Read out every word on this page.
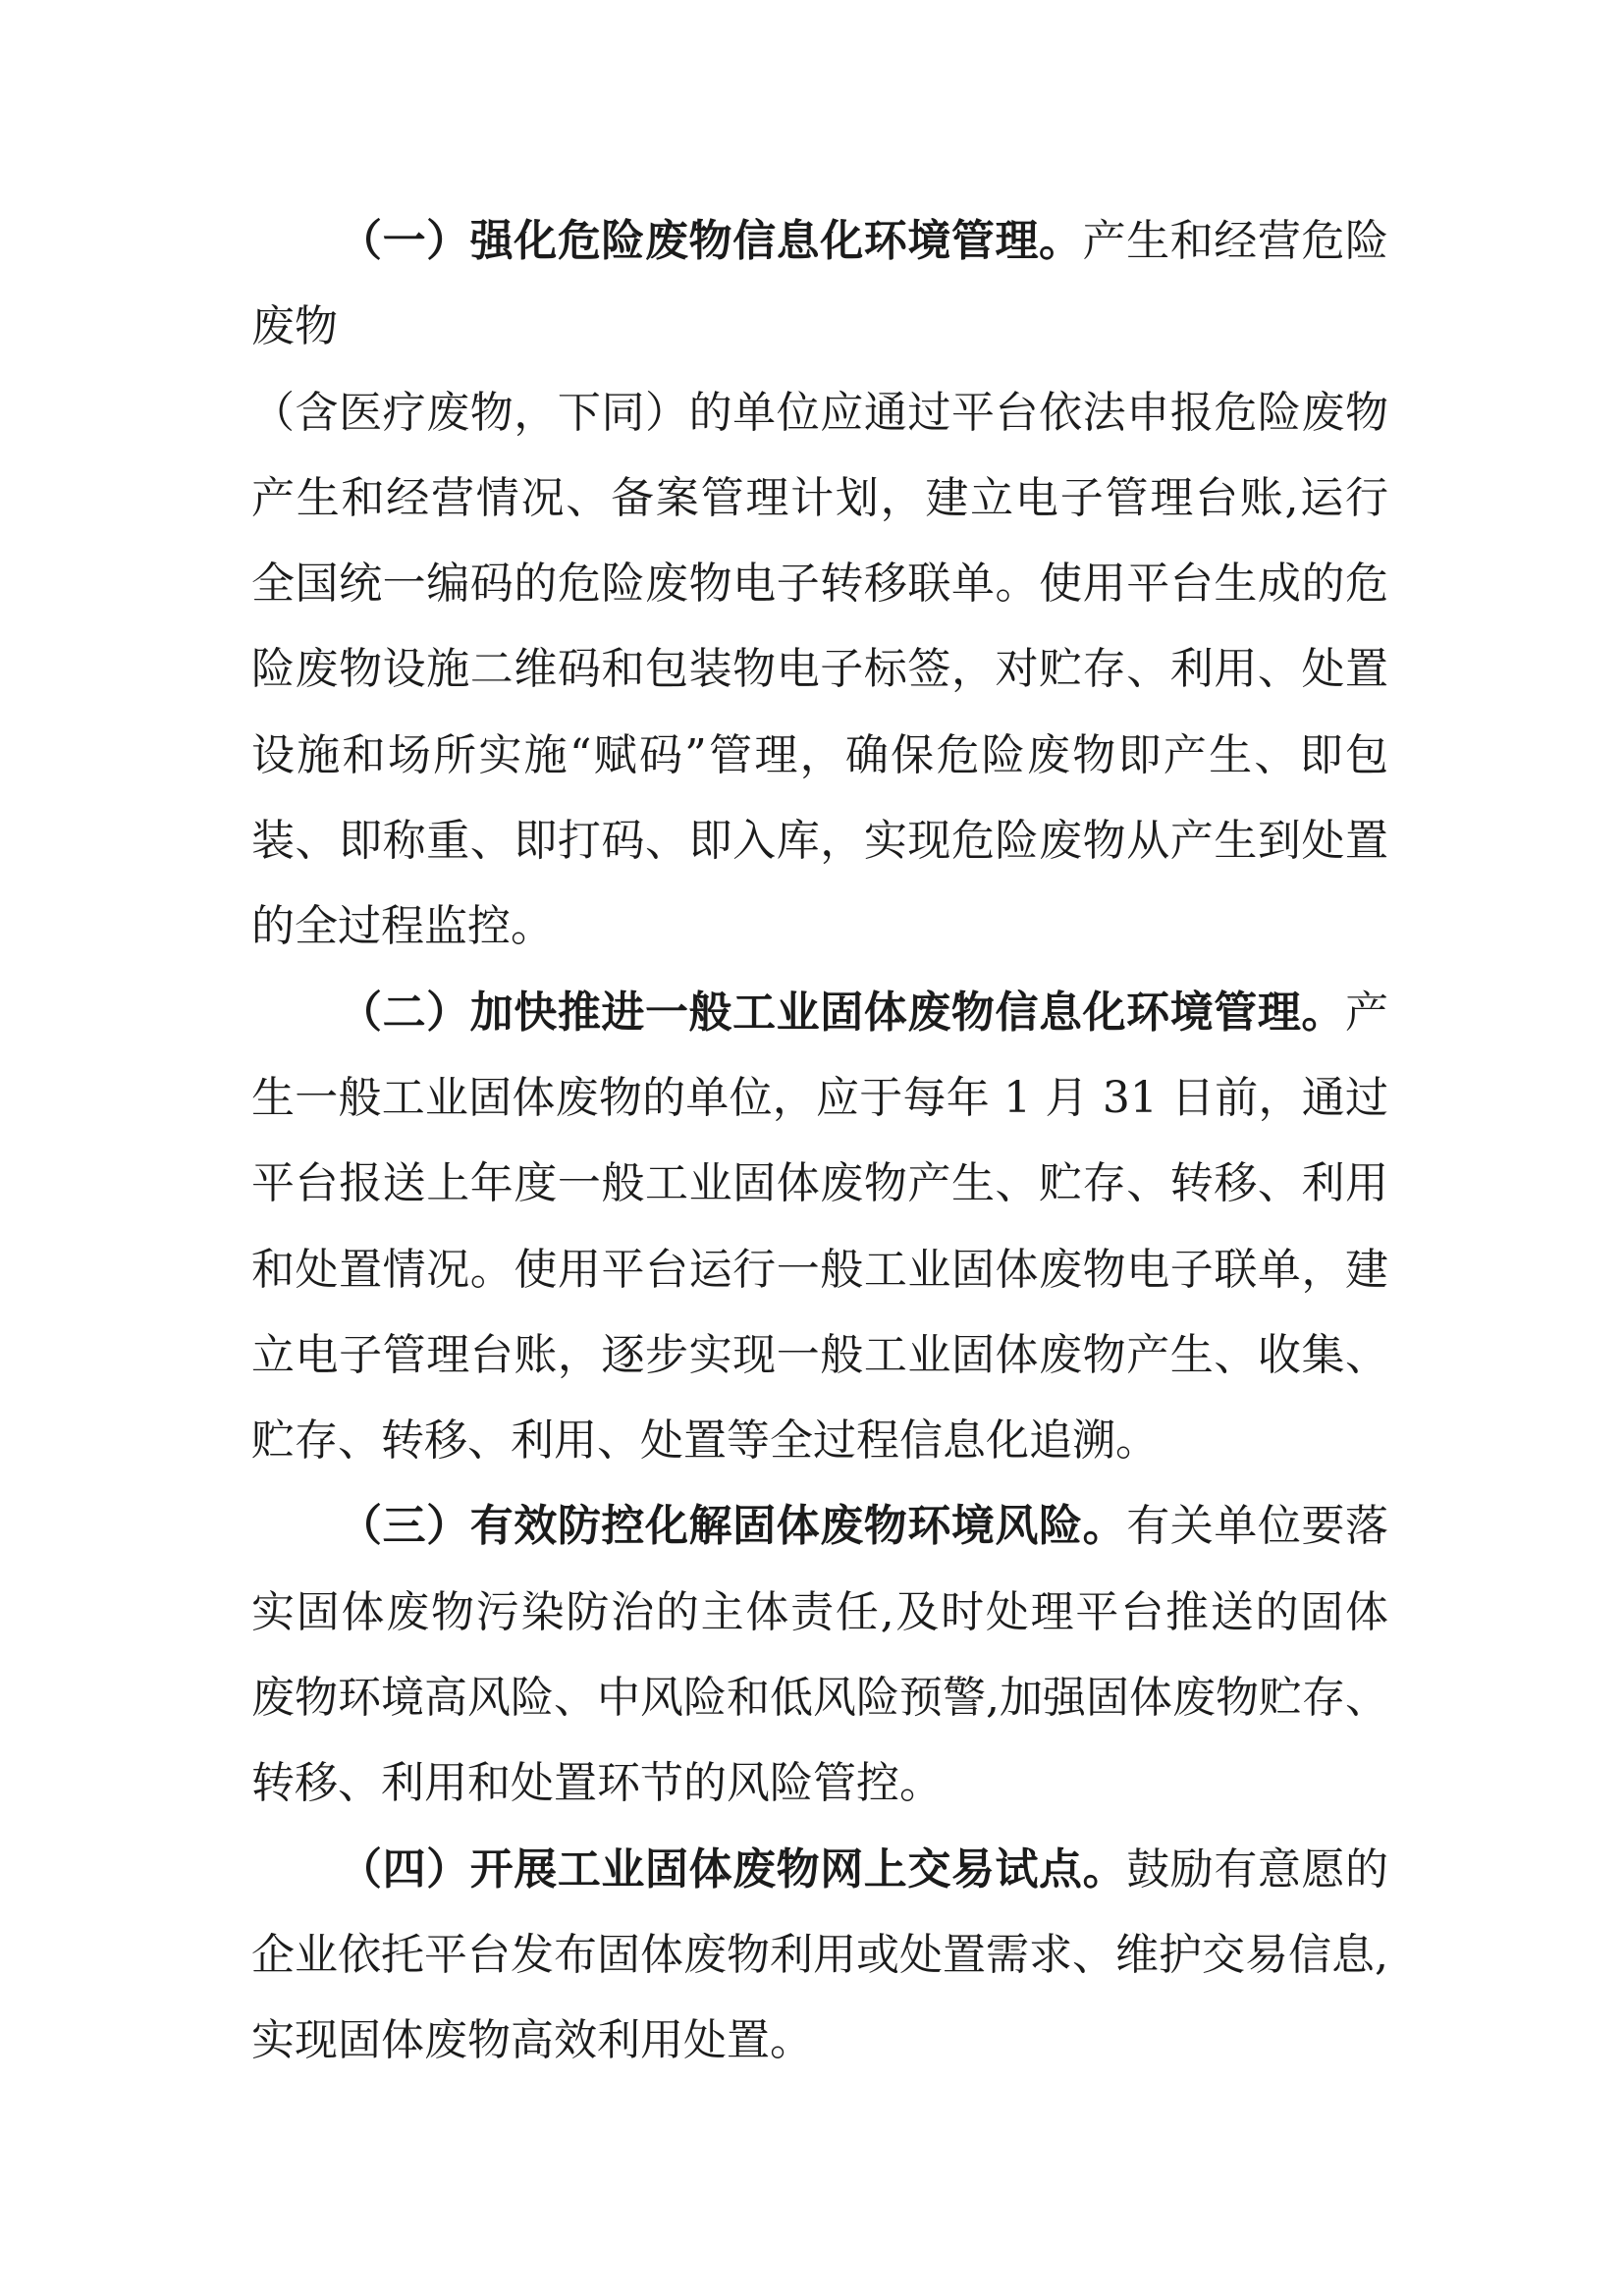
（一）强化危险废物信息化环境管理。产生和经营危险
废物
（含医疗废物，下同）的单位应通过平台依法申报危险废物
产生和经营情况、备案管理计划，建立电子管理台账,运行
全国统一编码的危险废物电子转移联单。使用平台生成的危
险废物设施二维码和包装物电子标签，对贮存、利用、处置
设施和场所实施“赋码”管理，确保危险废物即产生、即包
装、即称重、即打码、即入库，实现危险废物从产生到处置
的全过程监控。
（二）加快推进一般工业固体废物信息化环境管理。产
生一般工业固体废物的单位，应于每年 1 月 31 日前，通过
平台报送上年度一般工业固体废物产生、贮存、转移、利用
和处置情况。使用平台运行一般工业固体废物电子联单，建
立电子管理台账，逐步实现一般工业固体废物产生、收集、
贮存、转移、利用、处置等全过程信息化追溯。
（三）有效防控化解固体废物环境风险。有关单位要落
实固体废物污染防治的主体责任,及时处理平台推送的固体
废物环境高风险、中风险和低风险预警,加强固体废物贮存、
转移、利用和处置环节的风险管控。
（四）开展工业固体废物网上交易试点。鼓励有意愿的
企业依托平台发布固体废物利用或处置需求、维护交易信息,
实现固体废物高效利用处置。
